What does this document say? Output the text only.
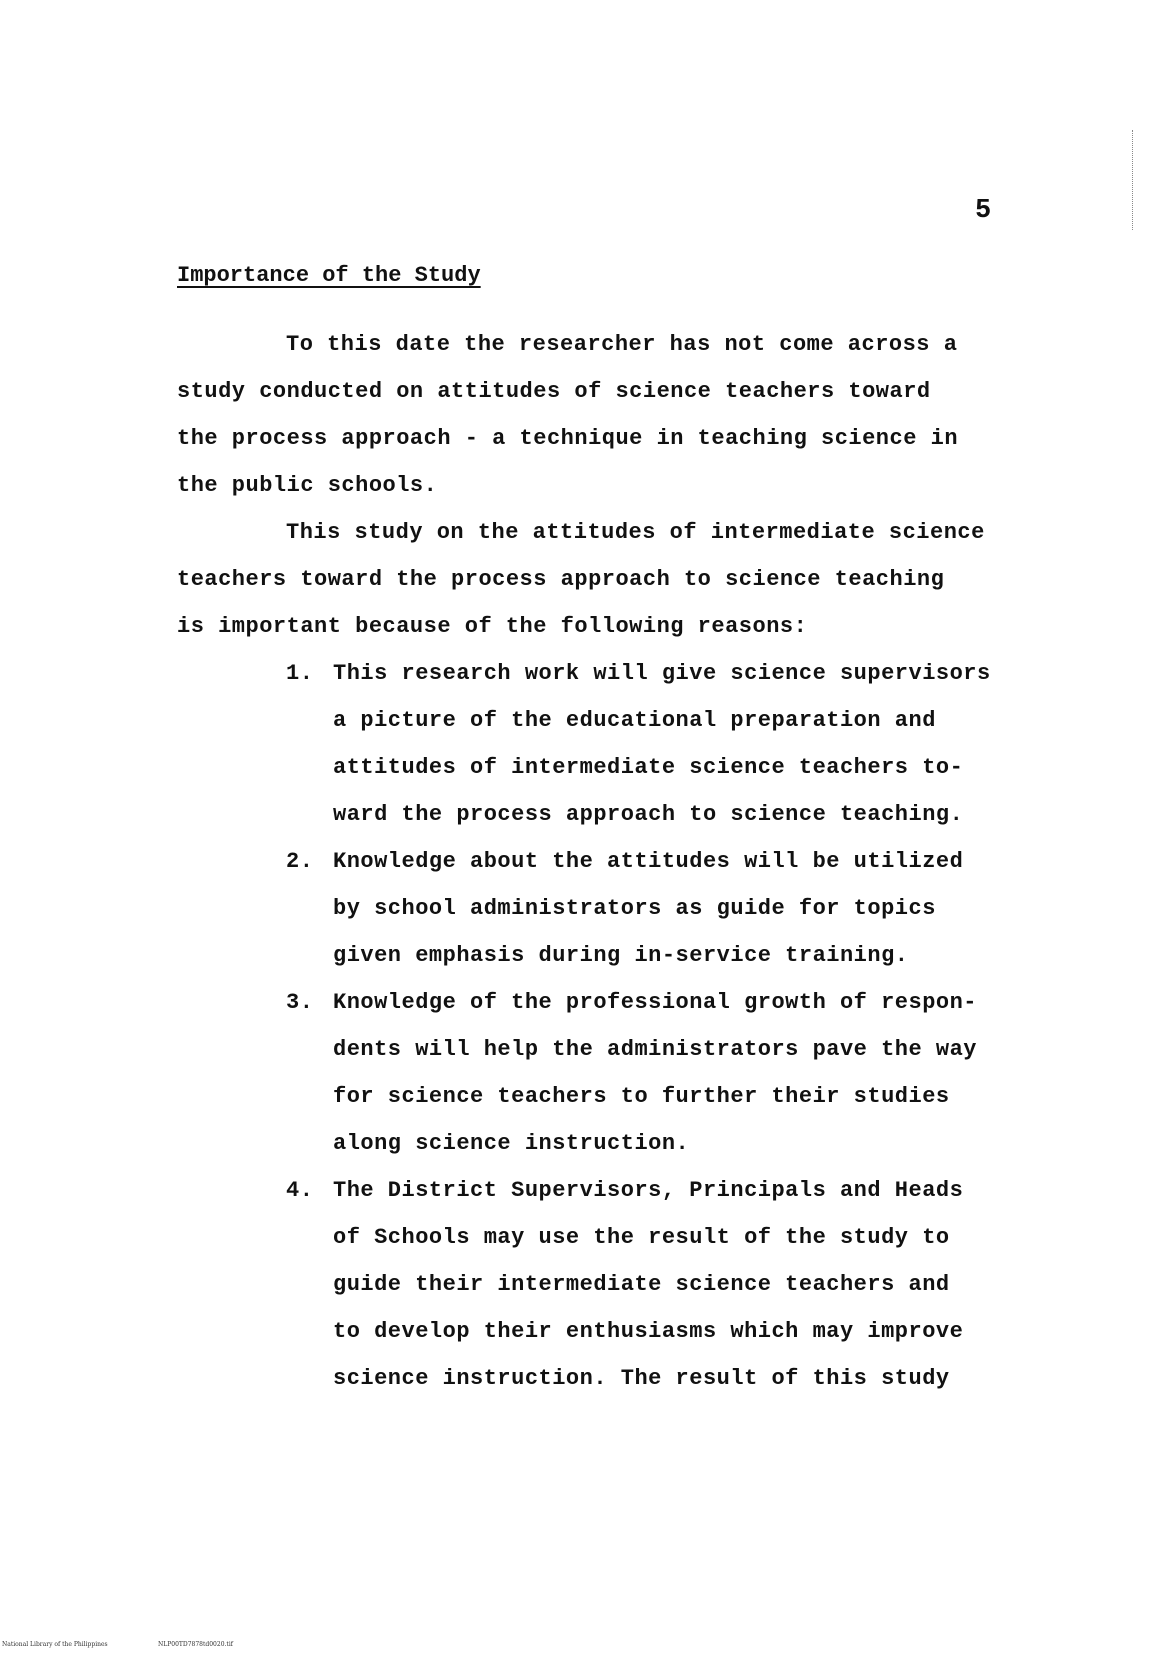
5
Importance of the Study
To this date the researcher has not come across a
study conducted on attitudes of science teachers toward
the process approach - a technique in teaching science in
the public schools.
This study on the attitudes of intermediate science
teachers toward the process approach to science teaching
is important because of the following reasons:
1. This research work will give science supervisors
a picture of the educational preparation and
attitudes of intermediate science teachers to-
ward the process approach to science teaching.
2. Knowledge about the attitudes will be utilized
by school administrators as guide for topics
given emphasis during in-service training.
3. Knowledge of the professional growth of respon-
dents will help the administrators pave the way
for science teachers to further their studies
along science instruction.
4. The District Supervisors, Principals and Heads
of Schools may use the result of the study to
guide their intermediate science teachers and
to develop their enthusiasms which may improve
science instruction. The result of this study
National Library of the Philippines	NLP00TD7878td0020.tif
